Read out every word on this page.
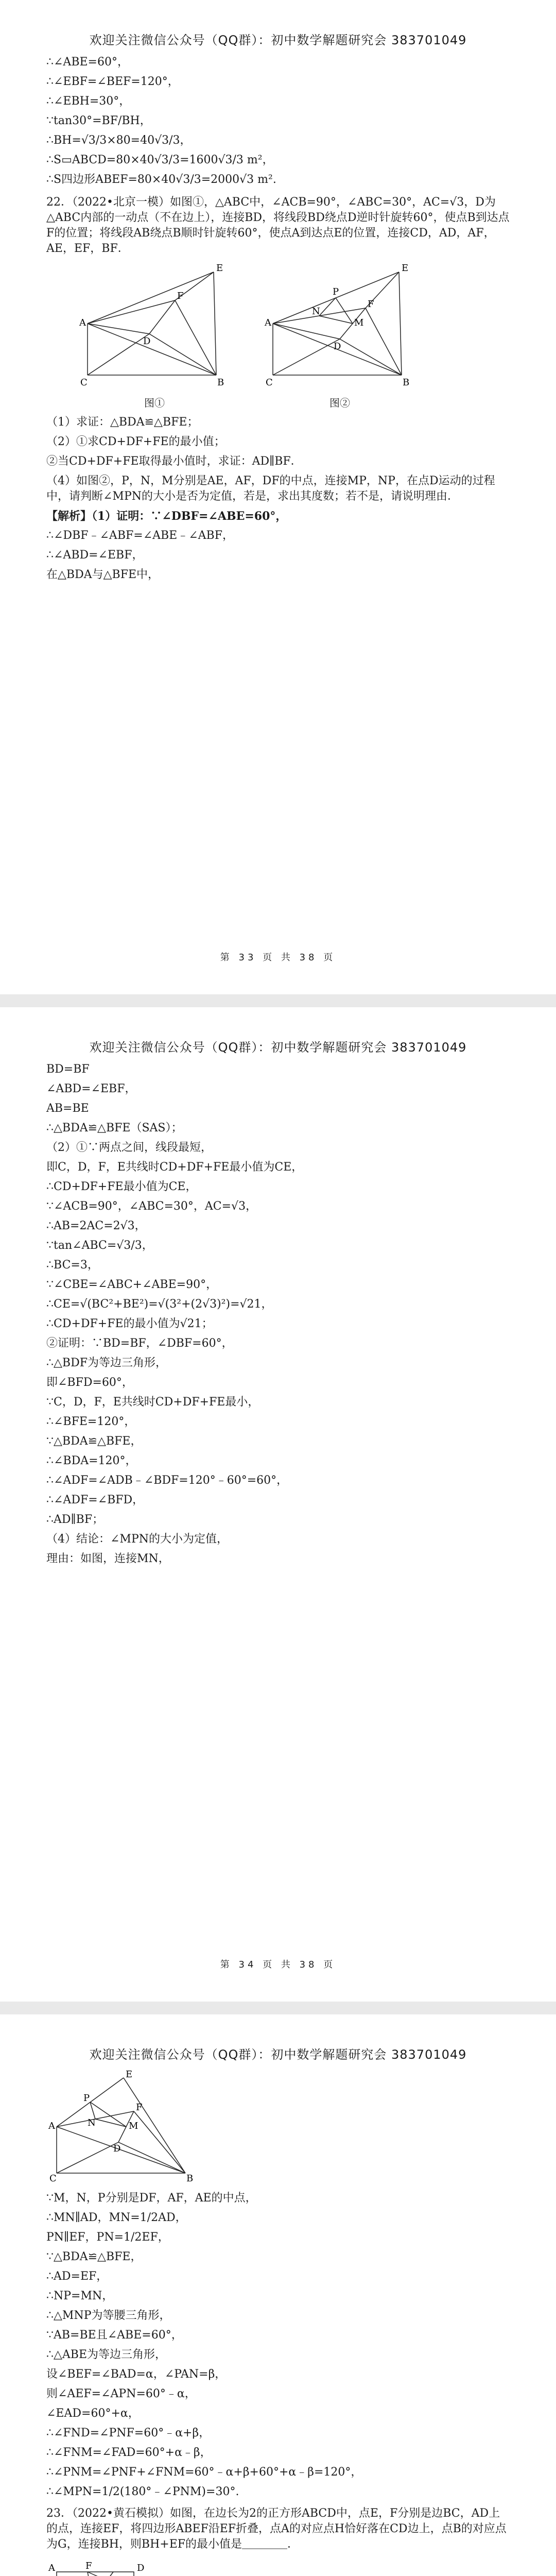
欢迎关注微信公众号（QQ群）：初中数学解题研究会 383701049

∴∠ABE=60°，

∴∠EBF=∠BEF=120°，

∴∠EBH=30°，

∵tan30°=BF/BH，

∴BH=√3/3×80=40√3/3，

∴S▭ABCD=80×40√3/3=1600√3/3 m²，

∴S四边形ABEF=80×40√3/3=2000√3 m².

22．（2022•北京一模）如图①，△ABC中，∠ACB=90°，∠ABC=30°，AC=√3，D为△ABC内部的一动点（不在边上），连接BD，将线段BD绕点D逆时针旋转60°，使点B到达点F的位置；将线段AB绕点B顺时针旋转60°，使点A到达点E的位置，连接CD，AD，AF，AE，EF，BF．

A
C	B
E
F
D
图①
A
C	B
E
F
D
P
N
M
图②

（1）求证：△BDA≌△BFE；

（2）①求CD+DF+FE的最小值；

②当CD+DF+FE取得最小值时，求证：AD∥BF．

（4）如图②，P，N，M分别是AE，AF，DF的中点，连接MP，NP，在点D运动的过程中，请判断∠MPN的大小是否为定值，若是，求出其度数；若不是，请说明理由．

【解析】（1）证明：∵∠DBF=∠ABE=60°，

∴∠DBF﹣∠ABF=∠ABE﹣∠ABF，

∴∠ABD=∠EBF，

在△BDA与△BFE中，

第 33 页 共 38 页
欢迎关注微信公众号（QQ群）：初中数学解题研究会 383701049

BD=BF

∠ABD=∠EBF，

AB=BE

∴△BDA≌△BFE（SAS）；

（2）①∵两点之间，线段最短，

即C，D，F，E共线时CD+DF+FE最小值为CE，

∴CD+DF+FE最小值为CE，

∵∠ACB=90°，∠ABC=30°，AC=√3，

∴AB=2AC=2√3，

∵tan∠ABC=√3/3，

∴BC=3，

∵∠CBE=∠ABC+∠ABE=90°，

∴CE=√(BC²+BE²)=√(3²+(2√3)²)=√21，

∴CD+DF+FE的最小值为√21；

②证明：∵BD=BF，∠DBF=60°，

∴△BDF为等边三角形，

即∠BFD=60°，

∵C，D，F，E共线时CD+DF+FE最小，

∴∠BFE=120°，

∵△BDA≌△BFE，

∴∠BDA=120°，

∴∠ADF=∠ADB﹣∠BDF=120°﹣60°=60°，

∴∠ADF=∠BFD，

∴AD∥BF；

（4）结论：∠MPN的大小为定值，

理由：如图，连接MN，

第 34 页 共 38 页
欢迎关注微信公众号（QQ群）：初中数学解题研究会 383701049
A
C	B
E
F
D
P
N	M

∵M，N，P分别是DF，AF，AE的中点，

∴MN∥AD，MN=1/2AD，

PN∥EF，PN=1/2EF，

∵△BDA≌△BFE，

∴AD=EF，

∴NP=MN，

∴△MNP为等腰三角形，

∵AB=BE且∠ABE=60°，

∴△ABE为等边三角形，

设∠BEF=∠BAD=α，∠PAN=β，

则∠AEF=∠APN=60°﹣α，

∠EAD=60°+α，

∴∠FND=∠PNF=60°﹣α+β，

∴∠FNM=∠FAD=60°+α﹣β，

∴∠PNM=∠PNF+∠FNM=60°﹣α+β+60°+α﹣β=120°，

∴∠MPN=1/2(180°﹣∠PNM)=30°.

23．（2022•黄石模拟）如图，在边长为2的正方形ABCD中，点E，F分别是边BC，AD上的点，连接EF，将四边形ABEF沿EF折叠，点A的对应点H恰好落在CD边上，点B的对应点为G，连接BH，则BH+EF的最小值是＿＿＿＿．

A	F	D
